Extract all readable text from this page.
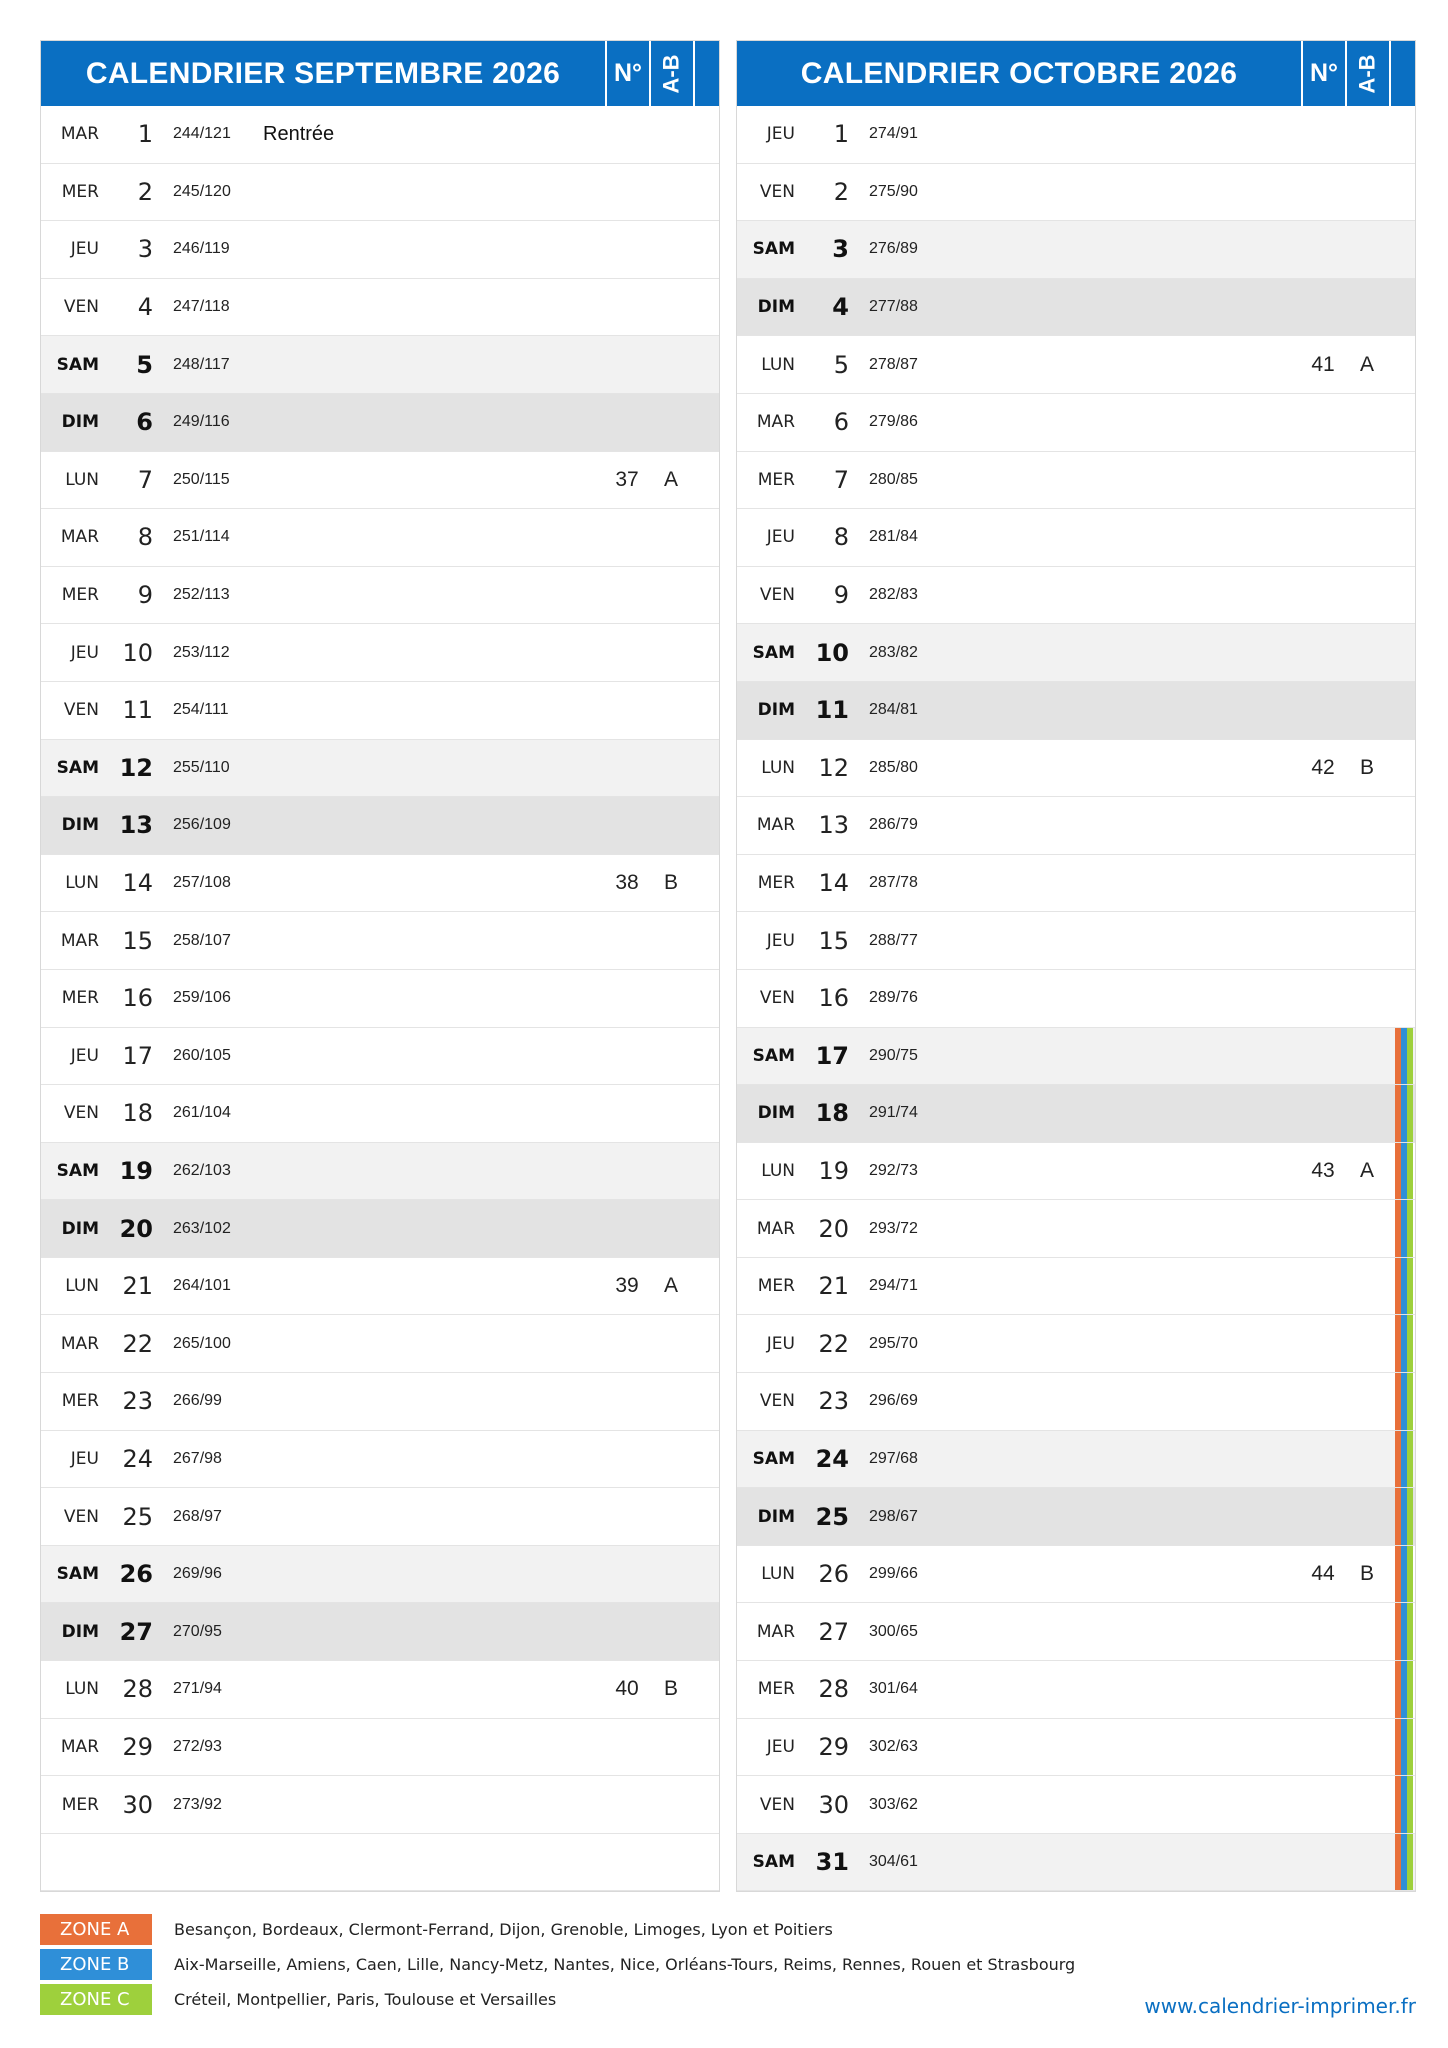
CALENDRIER SEPTEMBRE 2026	N° A-B
MAR	1	244/121	Rentrée
MER	2	245/120
JEU	3	246/119
VEN	4	247/118
SAM	5	248/117
DIM	6	249/116
LUN	7	250/115	37	A
MAR	8	251/114
MER	9	252/113
JEU 10	253/112
VEN 11	254/111
SAM 12	255/110
DIM 13	256/109
LUN 14	257/108	38	B
MAR 15	258/107
MER 16	259/106
JEU 17	260/105
VEN 18	261/104
SAM 19	262/103
DIM 20	263/102
LUN 21	264/101	39	A
MAR 22	265/100
MER 23	266/99
JEU 24	267/98
VEN 25	268/97
SAM 26	269/96
DIM 27	270/95
LUN 28	271/94	40	B
MAR 29	272/93
MER 30	273/92
CALENDRIER OCTOBRE 2026	N° A-B
JEU	1	274/91
VEN	2	275/90
SAM	3	276/89
DIM	4	277/88
LUN	5	278/87	41	A
MAR	6	279/86
MER	7	280/85
JEU	8	281/84
VEN	9	282/83
SAM 10	283/82
DIM 11	284/81
LUN 12	285/80	42	B
MAR 13	286/79
MER 14	287/78
JEU 15	288/77
VEN 16	289/76
SAM 17	290/75
DIM 18	291/74
LUN 19	292/73	43	A
MAR 20	293/72
MER 21	294/71
JEU 22	295/70
VEN 23	296/69
SAM 24	297/68
DIM 25	298/67
LUN 26	299/66	44	B
MAR 27	300/65
MER 28	301/64
JEU 29	302/63
VEN 30	303/62
SAM 31	304/61
ZONE A	Besançon, Bordeaux, Clermont-Ferrand, Dijon, Grenoble, Limoges, Lyon et Poitiers
ZONE B	Aix-Marseille, Amiens, Caen, Lille, Nancy-Metz, Nantes, Nice, Orléans-Tours, Reims, Rennes, Rouen et Strasbourg
ZONE C	Créteil, Montpellier, Paris, Toulouse et Versailles	www.calendrier-imprimer.fr
